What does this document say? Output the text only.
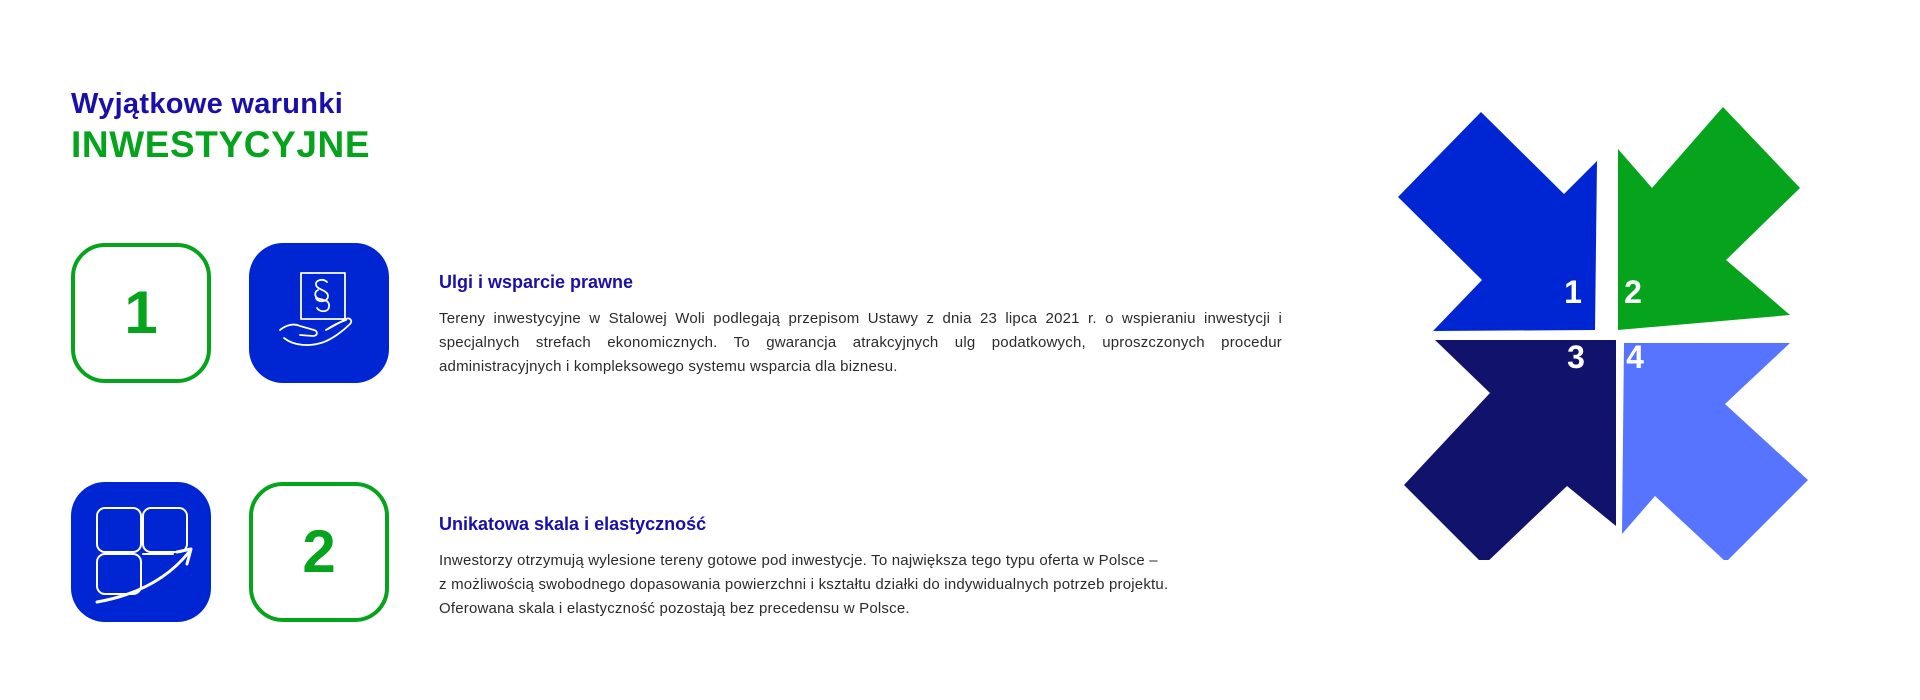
Wyjątkowe warunki
INWESTYCYJNE
1	Ulgi i wsparcie prawne

Tereny inwestycyjne w Stalowej Woli podlegają przepisom Ustawy z dnia 23 lipca 2021 r. o wspieraniu inwestycji i specjalnych strefach ekonomicznych. To gwarancja atrakcyjnych ulg podatkowych, uproszczonych procedur administracyjnych i kompleksowego systemu wsparcia dla biznesu.

2	Unikatowa skala i elastyczność

Inwestorzy otrzymują wylesione tereny gotowe pod inwestycje. To największa tego typu oferta w Polsce –
z możliwością swobodnego dopasowania powierzchni i kształtu działki do indywidualnych potrzeb projektu.
Oferowana skala i elastyczność pozostają bez precedensu w Polsce.

1 2
3 4
